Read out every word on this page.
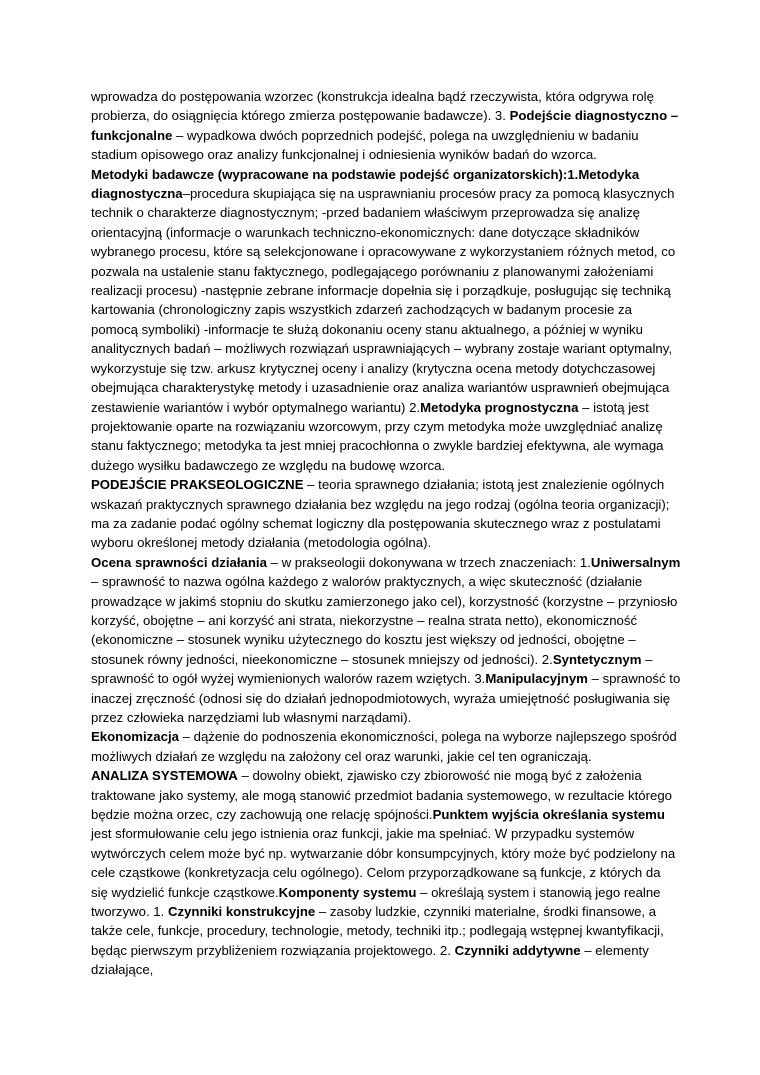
wprowadza do postępowania wzorzec (konstrukcja idealna bądź rzeczywista, która odgrywa rolę probierza, do osiągnięcia którego zmierza postępowanie badawcze). 3. Podejście diagnostyczno – funkcjonalne – wypadkowa dwóch poprzednich podejść, polega na uwzględnieniu w badaniu stadium opisowego oraz analizy funkcjonalnej i odniesienia wyników badań do wzorca.

Metodyki badawcze (wypracowane na podstawie podejść organizatorskich):1.Metodyka diagnostyczna–procedura skupiająca się na usprawnianiu procesów pracy za pomocą klasycznych technik o charakterze diagnostycznym; -przed badaniem właściwym przeprowadza się analizę orientacyjną (informacje o warunkach techniczno-ekonomicznych: dane dotyczące składników wybranego procesu, które są selekcjonowane i opracowywane z wykorzystaniem różnych metod, co pozwala na ustalenie stanu faktycznego, podlegającego porównaniu z planowanymi założeniami realizacji procesu) -następnie zebrane informacje dopełnia się i porządkuje, posługując się techniką kartowania (chronologiczny zapis wszystkich zdarzeń zachodzących w badanym procesie za pomocą symboliki) -informacje te służą dokonaniu oceny stanu aktualnego, a później w wyniku analitycznych badań – możliwych rozwiązań usprawniających – wybrany zostaje wariant optymalny, wykorzystuje się tzw. arkusz krytycznej oceny i analizy (krytyczna ocena metody dotychczasowej obejmująca charakterystykę metody i uzasadnienie oraz analiza wariantów usprawnień obejmująca zestawienie wariantów i wybór optymalnego wariantu) 2.Metodyka prognostyczna – istotą jest projektowanie oparte na rozwiązaniu wzorcowym, przy czym metodyka może uwzględniać analizę stanu faktycznego; metodyka ta jest mniej pracochłonna o zwykle bardziej efektywna, ale wymaga dużego wysiłku badawczego ze względu na budowę wzorca.

PODEJŚCIE PRAKSEOLOGICZNE – teoria sprawnego działania; istotą jest znalezienie ogólnych wskazań praktycznych sprawnego działania bez względu na jego rodzaj (ogólna teoria organizacji); ma za zadanie podać ogólny schemat logiczny dla postępowania skutecznego wraz z postulatami wyboru określonej metody działania (metodologia ogólna).

Ocena sprawności działania – w prakseologii dokonywana w trzech znaczeniach: 1.Uniwersalnym – sprawność to nazwa ogólna każdego z walorów praktycznych, a więc skuteczność (działanie prowadzące w jakimś stopniu do skutku zamierzonego jako cel), korzystność (korzystne – przyniosło korzyść, obojętne – ani korzyść ani strata, niekorzystne – realna strata netto), ekonomiczność (ekonomiczne – stosunek wyniku użytecznego do kosztu jest większy od jedności, obojętne – stosunek równy jedności, nieekonomiczne – stosunek mniejszy od jedności). 2.Syntetycznym – sprawność to ogół wyżej wymienionych walorów razem wziętych. 3.Manipulacyjnym – sprawność to inaczej zręczność (odnosi się do działań jednopodmiotowych, wyraża umiejętność posługiwania się przez człowieka narzędziami lub własnymi narządami).

Ekonomizacja – dążenie do podnoszenia ekonomiczności, polega na wyborze najlepszego spośród możliwych działań ze względu na założony cel oraz warunki, jakie cel ten ograniczają.

ANALIZA SYSTEMOWA – dowolny obiekt, zjawisko czy zbiorowość nie mogą być z założenia traktowane jako systemy, ale mogą stanowić przedmiot badania systemowego, w rezultacie którego będzie można orzec, czy zachowują one relację spójności.Punktem wyjścia określania systemu jest sformułowanie celu jego istnienia oraz funkcji, jakie ma spełniać. W przypadku systemów wytwórczych celem może być np. wytwarzanie dóbr konsumpcyjnych, który może być podzielony na cele cząstkowe (konkretyzacja celu ogólnego). Celom przyporządkowane są funkcje, z których da się wydzielić funkcje cząstkowe.Komponenty systemu – określają system i stanowią jego realne tworzywo. 1. Czynniki konstrukcyjne – zasoby ludzkie, czynniki materialne, środki finansowe, a także cele, funkcje, procedury, technologie, metody, techniki itp.; podlegają wstępnej kwantyfikacji, będąc pierwszym przybliżeniem rozwiązania projektowego. 2. Czynniki addytywne – elementy działające,
